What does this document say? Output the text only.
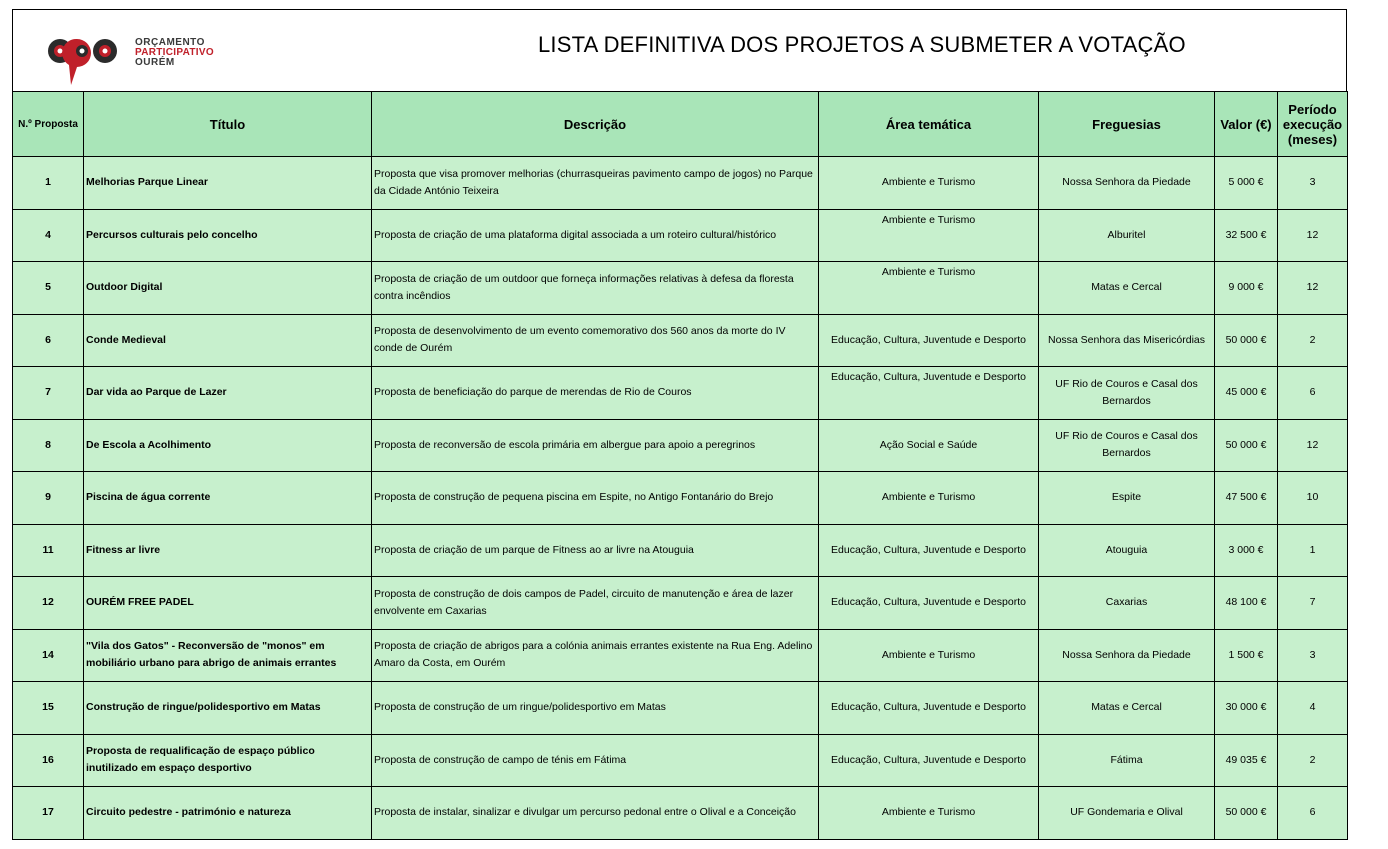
ORÇAMENTO
PARTICIPATIVO
OURÉM
LISTA DEFINITIVA DOS PROJETOS A SUBMETER A VOTAÇÃO
N.º Proposta	Título	Descrição	Área temática	Freguesias	Valor (€)	Período execução (meses)
1	Melhorias Parque Linear	Proposta que visa promover melhorias (churrasqueiras pavimento campo de jogos) no Parque da Cidade António Teixeira	Ambiente e Turismo	Nossa Senhora da Piedade	5 000 €	3
4	Percursos culturais pelo concelho	Proposta de criação de uma plataforma digital associada a um roteiro cultural/histórico	Ambiente e Turismo	Alburitel	32 500 €	12
5	Outdoor Digital	Proposta de criação de um outdoor que forneça informações relativas à defesa da floresta contra incêndios	Ambiente e Turismo	Matas e Cercal	9 000 €	12
6	Conde Medieval	Proposta de desenvolvimento de um evento comemorativo dos 560 anos da morte do IV conde de Ourém	Educação, Cultura, Juventude e Desporto	Nossa Senhora das Misericórdias	50 000 €	2
7	Dar vida ao Parque de Lazer	Proposta de beneficiação do parque de merendas de Rio de Couros	Educação, Cultura, Juventude e Desporto	UF Rio de Couros e Casal dos Bernardos	45 000 €	6
8	De Escola a Acolhimento	Proposta de reconversão de escola primária em albergue para apoio a peregrinos	Ação Social e Saúde	UF Rio de Couros e Casal dos Bernardos	50 000 €	12
9	Piscina de água corrente	Proposta de construção de pequena piscina em Espite, no Antigo Fontanário do Brejo	Ambiente e Turismo	Espite	47 500 €	10
11	Fitness ar livre	Proposta de criação de um parque de Fitness ao ar livre na Atouguia	Educação, Cultura, Juventude e Desporto	Atouguia	3 000 €	1
12	OURÉM FREE PADEL	Proposta de construção de dois campos de Padel, circuito de manutenção e área de lazer envolvente em Caxarias	Educação, Cultura, Juventude e Desporto	Caxarias	48 100 €	7
14	"Vila dos Gatos" - Reconversão de "monos" em mobiliário urbano para abrigo de animais errantes	Proposta de criação de abrigos para a colónia animais errantes existente na Rua Eng. Adelino Amaro da Costa, em Ourém	Ambiente e Turismo	Nossa Senhora da Piedade	1 500 €	3
15	Construção de ringue/polidesportivo em Matas	Proposta de construção de um ringue/polidesportivo em Matas	Educação, Cultura, Juventude e Desporto	Matas e Cercal	30 000 €	4
16	Proposta de requalificação de espaço público inutilizado em espaço desportivo	Proposta de construção de campo de ténis em Fátima	Educação, Cultura, Juventude e Desporto	Fátima	49 035 €	2
17	Circuito pedestre - património e natureza	Proposta de instalar, sinalizar e divulgar um percurso pedonal entre o Olival e a Conceição	Ambiente e Turismo	UF Gondemaria e Olival	50 000 €	6
